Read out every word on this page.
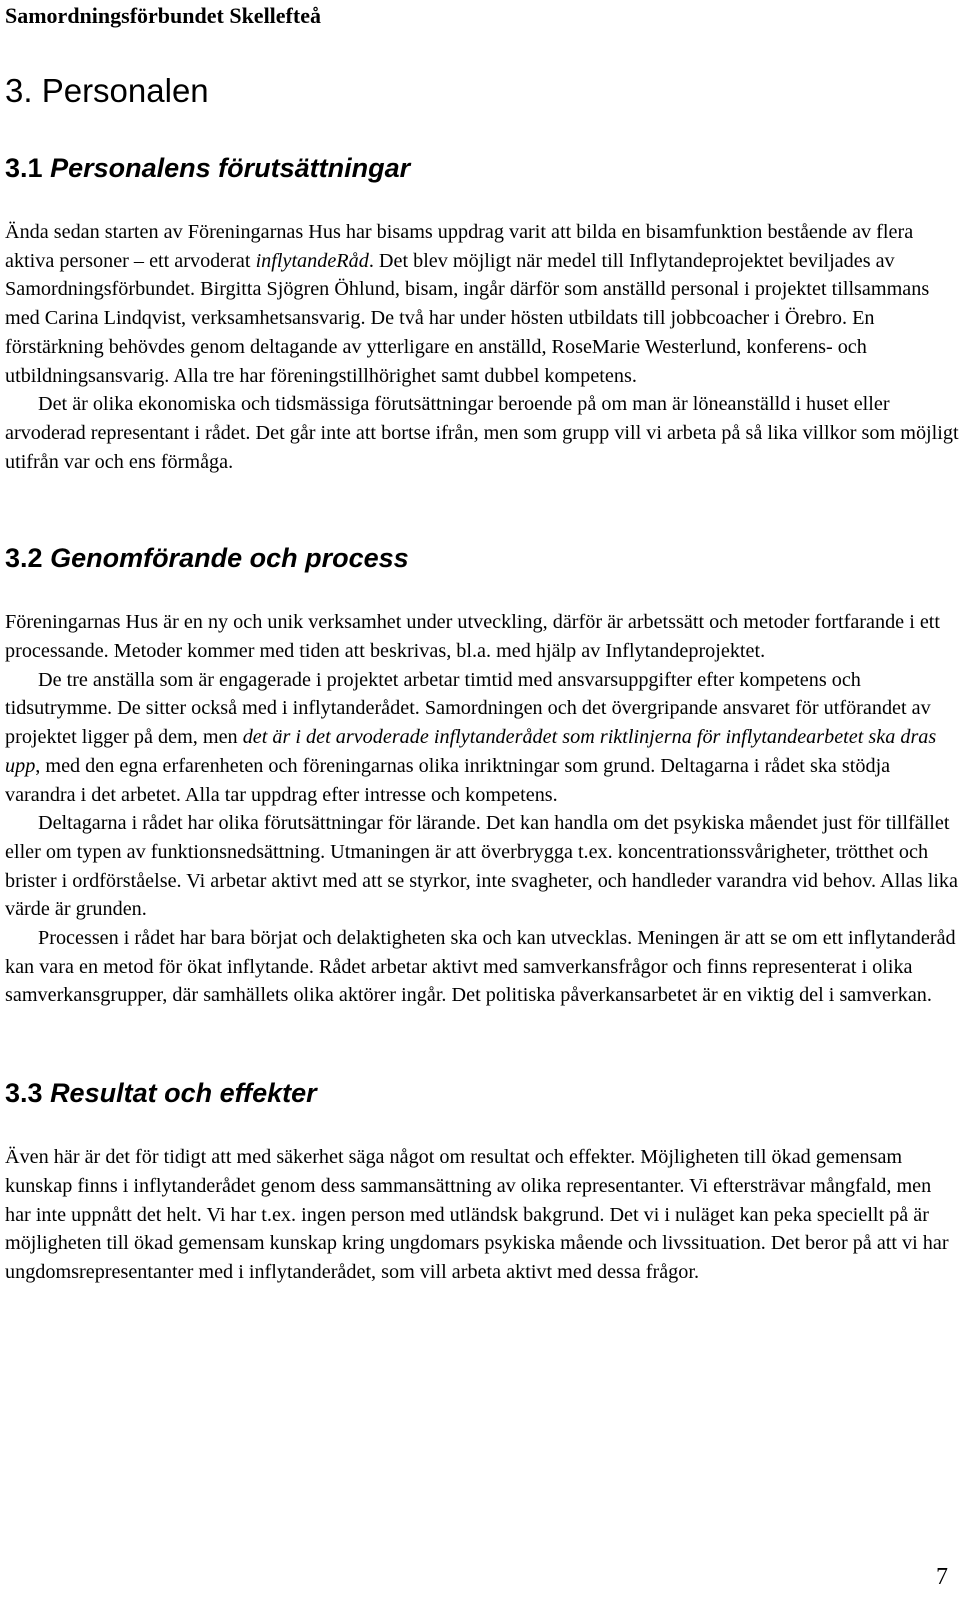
Samordningsförbundet Skellefteå
3. Personalen
3.1 Personalens förutsättningar

Ända sedan starten av Föreningarnas Hus har bisams uppdrag varit att bilda en bisamfunktion bestående av flera aktiva personer – ett arvoderat inflytandeRåd. Det blev möjligt när medel till Inflytandeprojektet beviljades av Samordningsförbundet. Birgitta Sjögren Öhlund, bisam, ingår därför som anställd personal i projektet tillsammans med Carina Lindqvist, verksamhetsansvarig. De två har under hösten utbildats till jobbcoacher i Örebro. En förstärkning behövdes genom deltagande av ytterligare en anställd, RoseMarie Westerlund, konferens- och utbildningsansvarig. Alla tre har föreningstillhörighet samt dubbel kompetens.

Det är olika ekonomiska och tidsmässiga förutsättningar beroende på om man är löneanställd i huset eller arvoderad representant i rådet. Det går inte att bortse ifrån, men som grupp vill vi arbeta på så lika villkor som möjligt utifrån var och ens förmåga.

3.2 Genomförande och process

Föreningarnas Hus är en ny och unik verksamhet under utveckling, därför är arbetssätt och metoder fortfarande i ett processande. Metoder kommer med tiden att beskrivas, bl.a. med hjälp av Inflytandeprojektet.

De tre anställa som är engagerade i projektet arbetar timtid med ansvarsuppgifter efter kompetens och tidsutrymme. De sitter också med i inflytanderådet. Samordningen och det övergripande ansvaret för utförandet av projektet ligger på dem, men det är i det arvoderade inflytanderådet som riktlinjerna för inflytandearbetet ska dras upp, med den egna erfarenheten och föreningarnas olika inriktningar som grund. Deltagarna i rådet ska stödja varandra i det arbetet. Alla tar uppdrag efter intresse och kompetens.

Deltagarna i rådet har olika förutsättningar för lärande. Det kan handla om det psykiska måendet just för tillfället eller om typen av funktionsnedsättning. Utmaningen är att överbrygga t.ex. koncentrationssvårigheter, trötthet och brister i ordförståelse. Vi arbetar aktivt med att se styrkor, inte svagheter, och handleder varandra vid behov. Allas lika värde är grunden.

Processen i rådet har bara börjat och delaktigheten ska och kan utvecklas. Meningen är att se om ett inflytanderåd kan vara en metod för ökat inflytande. Rådet arbetar aktivt med samverkansfrågor och finns representerat i olika samverkansgrupper, där samhällets olika aktörer ingår. Det politiska påverkansarbetet är en viktig del i samverkan.

3.3 Resultat och effekter

Även här är det för tidigt att med säkerhet säga något om resultat och effekter. Möjligheten till ökad gemensam kunskap finns i inflytanderådet genom dess sammansättning av olika representanter. Vi eftersträvar mångfald, men har inte uppnått det helt. Vi har t.ex. ingen person med utländsk bakgrund. Det vi i nuläget kan peka speciellt på är möjligheten till ökad gemensam kunskap kring ungdomars psykiska mående och livssituation. Det beror på att vi har ungdomsrepresentanter med i inflytanderådet, som vill arbeta aktivt med dessa frågor.

7
